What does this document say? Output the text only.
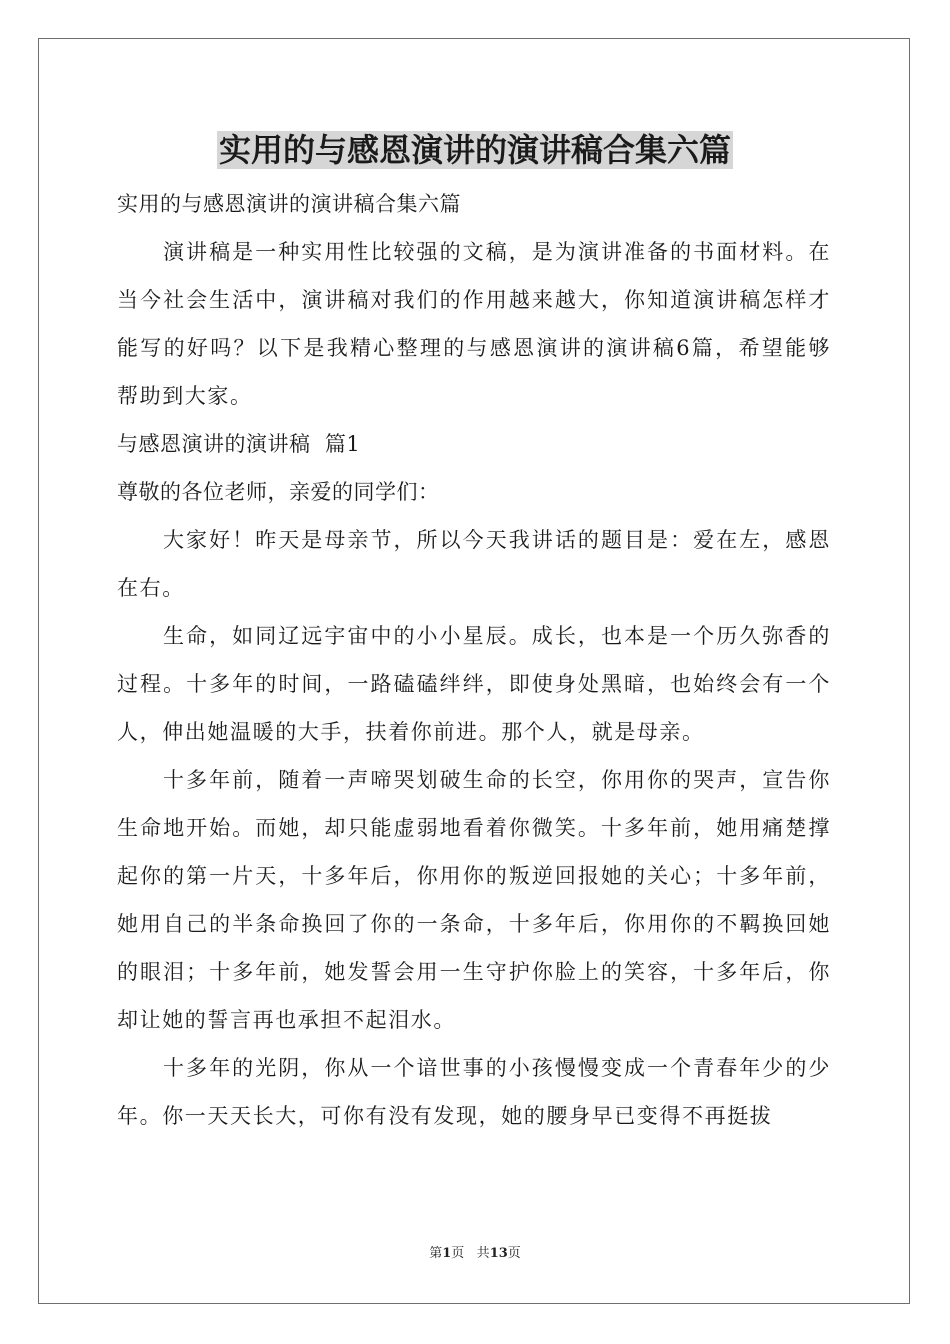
实用的与感恩演讲的演讲稿合集六篇

实用的与感恩演讲的演讲稿合集六篇

演讲稿是一种实用性比较强的文稿，是为演讲准备的书面材料。在当今社会生活中，演讲稿对我们的作用越来越大，你知道演讲稿怎样才能写的好吗？以下是我精心整理的与感恩演讲的演讲稿6篇，希望能够帮助到大家。

与感恩演讲的演讲稿  篇1

尊敬的各位老师，亲爱的同学们：

大家好！昨天是母亲节，所以今天我讲话的题目是：爱在左，感恩在右。

生命，如同辽远宇宙中的小小星辰。成长，也本是一个历久弥香的过程。十多年的时间，一路磕磕绊绊，即使身处黑暗，也始终会有一个人，伸出她温暖的大手，扶着你前进。那个人，就是母亲。

十多年前，随着一声啼哭划破生命的长空，你用你的哭声，宣告你生命地开始。而她，却只能虚弱地看着你微笑。十多年前，她用痛楚撑起你的第一片天，十多年后，你用你的叛逆回报她的关心；十多年前，她用自己的半条命换回了你的一条命，十多年后，你用你的不羁换回她的眼泪；十多年前，她发誓会用一生守护你脸上的笑容，十多年后，你却让她的誓言再也承担不起泪水。

十多年的光阴，你从一个谙世事的小孩慢慢变成一个青春年少的少年。你一天天长大，可你有没有发现，她的腰身早已变得不再挺拔

第1页 共13页
